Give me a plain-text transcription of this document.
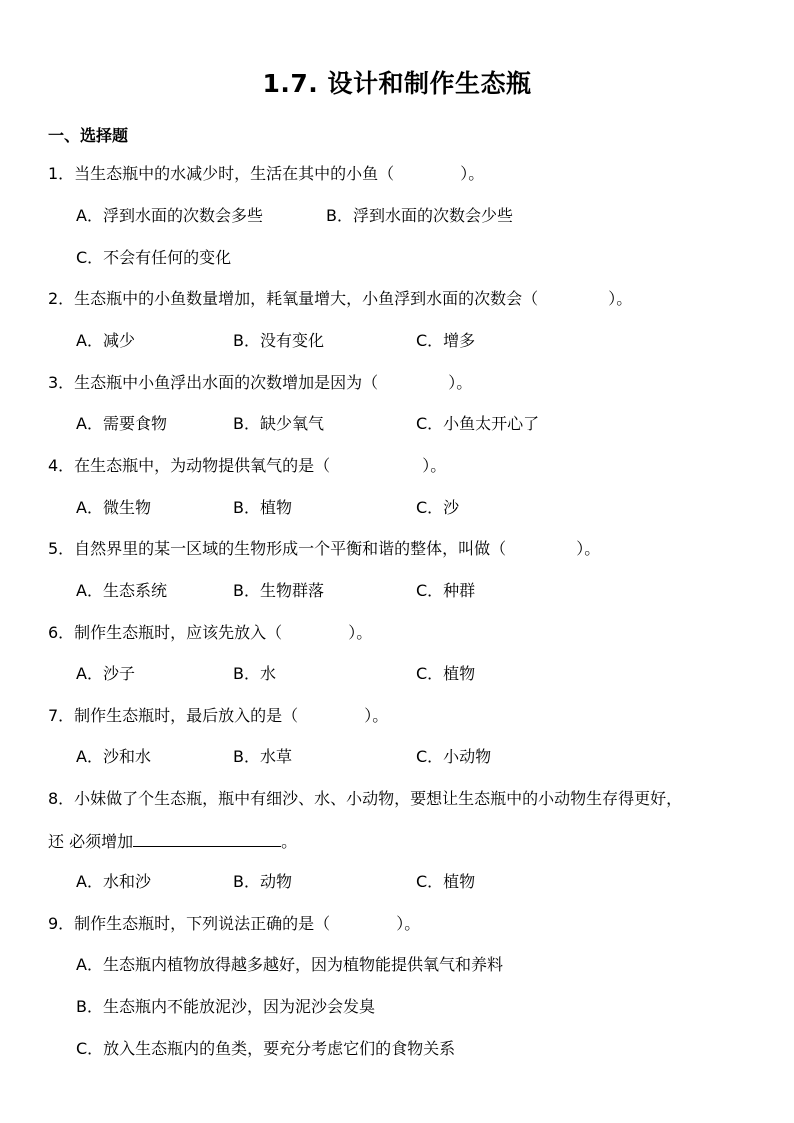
1.7. 设计和制作生态瓶
一、选择题
1．当生态瓶中的水减少时，生活在其中的小鱼（	）。
A．浮到水面的次数会多些	B．浮到水面的次数会少些
C．不会有任何的变化
2．生态瓶中的小鱼数量增加，耗氧量增大，小鱼浮到水面的次数会（	）。
A．减少	B．没有变化	C．增多
3．生态瓶中小鱼浮出水面的次数增加是因为（	）。
A．需要食物	B．缺少氧气	C．小鱼太开心了
4．在生态瓶中，为动物提供氧气的是（	）。
A．微生物	B．植物	C．沙
5．自然界里的某一区域的生物形成一个平衡和谐的整体，叫做（	）。
A．生态系统	B．生物群落	C．种群
6．制作生态瓶时，应该先放入（	）。
A．沙子	B．水	C．植物
7．制作生态瓶时，最后放入的是（	）。
A．沙和水	B．水草	C．小动物
8．小妹做了个生态瓶，瓶中有细沙、水、小动物，要想让生态瓶中的小动物生存得更好，
还 必须增加	。
A．水和沙	B．动物	C．植物
9．制作生态瓶时，下列说法正确的是（	）。
A．生态瓶内植物放得越多越好，因为植物能提供氧气和养料
B．生态瓶内不能放泥沙，因为泥沙会发臭
C．放入生态瓶内的鱼类，要充分考虑它们的食物关系
